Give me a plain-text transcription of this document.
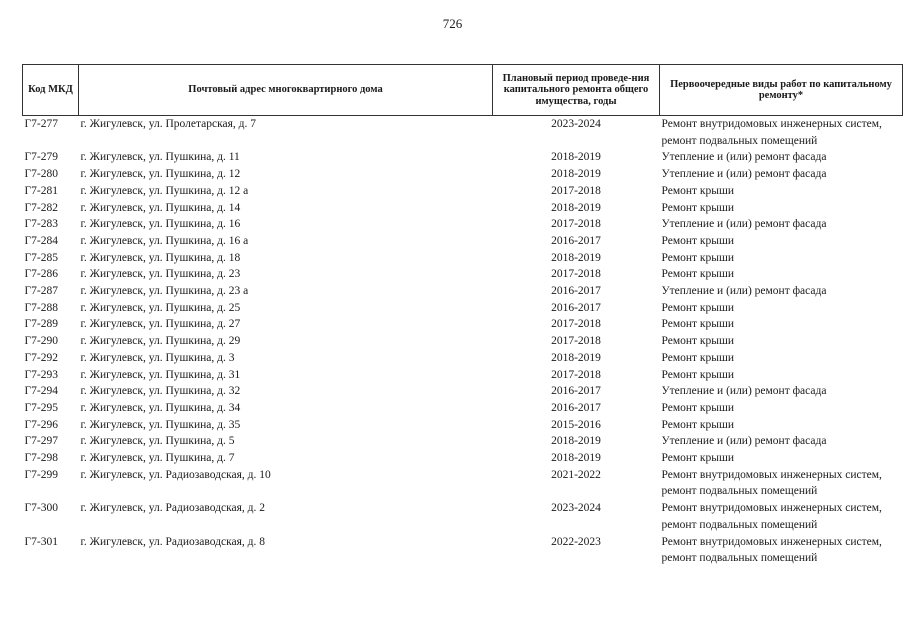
726
Код МКД	Почтовый адрес многоквартирного дома	Плановый период проведе-ния капитального ремонта общего имущества, годы	Первоочередные виды работ по капитальному ремонту*
Г7-277	г. Жигулевск, ул. Пролетарская, д. 7	2023-2024	Ремонт внутридомовых инженерных систем, ремонт подвальных помещений
Г7-279	г. Жигулевск, ул. Пушкина, д. 11	2018-2019	Утепление и (или) ремонт фасада
Г7-280	г. Жигулевск, ул. Пушкина, д. 12	2018-2019	Утепление и (или) ремонт фасада
Г7-281	г. Жигулевск, ул. Пушкина, д. 12 а	2017-2018	Ремонт крыши
Г7-282	г. Жигулевск, ул. Пушкина, д. 14	2018-2019	Ремонт крыши
Г7-283	г. Жигулевск, ул. Пушкина, д. 16	2017-2018	Утепление и (или) ремонт фасада
Г7-284	г. Жигулевск, ул. Пушкина, д. 16 а	2016-2017	Ремонт крыши
Г7-285	г. Жигулевск, ул. Пушкина, д. 18	2018-2019	Ремонт крыши
Г7-286	г. Жигулевск, ул. Пушкина, д. 23	2017-2018	Ремонт крыши
Г7-287	г. Жигулевск, ул. Пушкина, д. 23 а	2016-2017	Утепление и (или) ремонт фасада
Г7-288	г. Жигулевск, ул. Пушкина, д. 25	2016-2017	Ремонт крыши
Г7-289	г. Жигулевск, ул. Пушкина, д. 27	2017-2018	Ремонт крыши
Г7-290	г. Жигулевск, ул. Пушкина, д. 29	2017-2018	Ремонт крыши
Г7-292	г. Жигулевск, ул. Пушкина, д. 3	2018-2019	Ремонт крыши
Г7-293	г. Жигулевск, ул. Пушкина, д. 31	2017-2018	Ремонт крыши
Г7-294	г. Жигулевск, ул. Пушкина, д. 32	2016-2017	Утепление и (или) ремонт фасада
Г7-295	г. Жигулевск, ул. Пушкина, д. 34	2016-2017	Ремонт крыши
Г7-296	г. Жигулевск, ул. Пушкина, д. 35	2015-2016	Ремонт крыши
Г7-297	г. Жигулевск, ул. Пушкина, д. 5	2018-2019	Утепление и (или) ремонт фасада
Г7-298	г. Жигулевск, ул. Пушкина, д. 7	2018-2019	Ремонт крыши
Г7-299	г. Жигулевск, ул. Радиозаводская, д. 10	2021-2022	Ремонт внутридомовых инженерных систем, ремонт подвальных помещений
Г7-300	г. Жигулевск, ул. Радиозаводская, д. 2	2023-2024	Ремонт внутридомовых инженерных систем, ремонт подвальных помещений
Г7-301	г. Жигулевск, ул. Радиозаводская, д. 8	2022-2023	Ремонт внутридомовых инженерных систем, ремонт подвальных помещений
